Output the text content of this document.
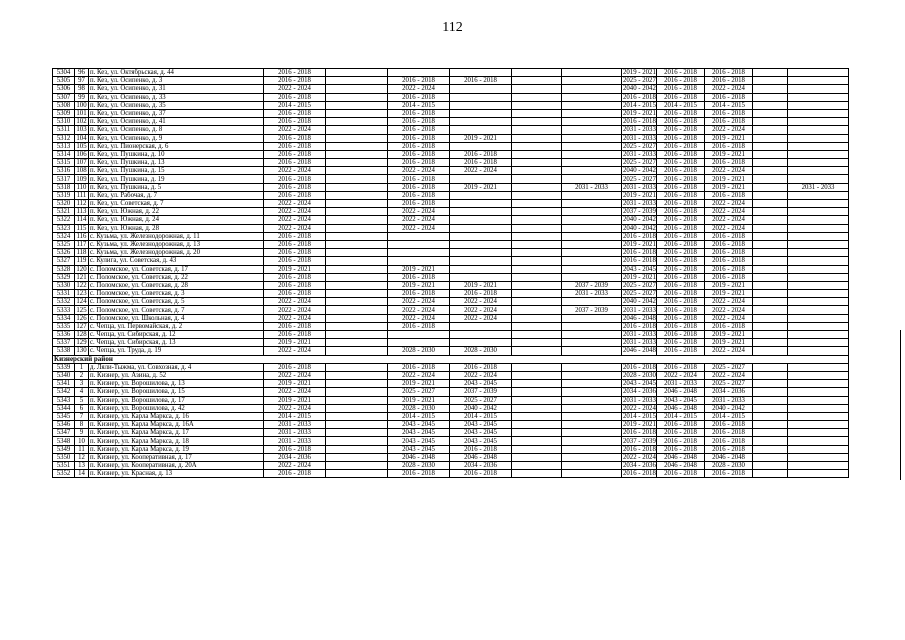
112
5304	96	п. Кез, ул. Октябрьская, д. 44	2016 - 2018						2019 - 2021	2016 - 2018	2016 - 2018		
5305	97	п. Кез, ул. Осипенко, д. 3	2016 - 2018		2016 - 2018	2016 - 2018			2025 - 2027	2016 - 2018	2016 - 2018		
5306	98	п. Кез, ул. Осипенко, д. 31	2022 - 2024		2022 - 2024				2040 - 2042	2016 - 2018	2022 - 2024		
5307	99	п. Кез, ул. Осипенко, д. 33	2016 - 2018		2016 - 2018				2016 - 2018	2016 - 2018	2016 - 2018		
5308	100	п. Кез, ул. Осипенко, д. 35	2014 - 2015		2014 - 2015				2014 - 2015	2014 - 2015	2014 - 2015		
5309	101	п. Кез, ул. Осипенко, д. 37	2016 - 2018		2016 - 2018				2019 - 2021	2016 - 2018	2016 - 2018		
5310	102	п. Кез, ул. Осипенко, д. 41	2016 - 2018		2016 - 2018				2016 - 2018	2016 - 2018	2016 - 2018		
5311	103	п. Кез, ул. Осипенко, д. 8	2022 - 2024		2016 - 2018				2031 - 2033	2016 - 2018	2022 - 2024		
5312	104	п. Кез, ул. Осипенко, д. 9	2016 - 2018		2016 - 2018	2019 - 2021			2031 - 2033	2016 - 2018	2019 - 2021		
5313	105	п. Кез, ул. Пионерская, д. 6	2016 - 2018		2016 - 2018				2025 - 2027	2016 - 2018	2016 - 2018		
5314	106	п. Кез, ул. Пушкина, д. 10	2016 - 2018		2016 - 2018	2016 - 2018			2031 - 2033	2016 - 2018	2019 - 2021		
5315	107	п. Кез, ул. Пушкина, д. 13	2016 - 2018		2016 - 2018	2016 - 2018			2025 - 2027	2016 - 2018	2016 - 2018		
5316	108	п. Кез, ул. Пушкина, д. 15	2022 - 2024		2022 - 2024	2022 - 2024			2040 - 2042	2016 - 2018	2022 - 2024		
5317	109	п. Кез, ул. Пушкина, д. 19	2016 - 2018		2016 - 2018				2025 - 2027	2016 - 2018	2019 - 2021		
5318	110	п. Кез, ул. Пушкина, д. 5	2016 - 2018		2016 - 2018	2019 - 2021		2031 - 2033	2031 - 2033	2016 - 2018	2019 - 2021		2031 - 2033
5319	111	п. Кез, ул. Рабочая, д. 7	2016 - 2018		2016 - 2018				2019 - 2021	2016 - 2018	2016 - 2018		
5320	112	п. Кез, ул. Советская, д. 7	2022 - 2024		2016 - 2018				2031 - 2033	2016 - 2018	2022 - 2024		
5321	113	п. Кез, ул. Южная, д. 22	2022 - 2024		2022 - 2024				2037 - 2039	2016 - 2018	2022 - 2024		
5322	114	п. Кез, ул. Южная, д. 24	2022 - 2024		2022 - 2024				2040 - 2042	2016 - 2018	2022 - 2024		
5323	115	п. Кез, ул. Южная, д. 28	2022 - 2024		2022 - 2024				2040 - 2042	2016 - 2018	2022 - 2024		
5324	116	с. Кузьма, ул. Железнодорожная, д. 11	2016 - 2018						2016 - 2018	2016 - 2018	2016 - 2018		
5325	117	с. Кузьма, ул. Железнодорожная, д. 13	2016 - 2018						2019 - 2021	2016 - 2018	2016 - 2018		
5326	118	с. Кузьма, ул. Железнодорожная, д. 20	2016 - 2018						2016 - 2018	2016 - 2018	2016 - 2018		
5327	119	с. Кулига, ул. Советская, д. 43	2016 - 2018						2016 - 2018	2016 - 2018	2016 - 2018		
5328	120	с. Поломское, ул. Советская, д. 17	2019 - 2021		2019 - 2021				2043 - 2045	2016 - 2018	2016 - 2018		
5329	121	с. Поломское, ул. Советская, д. 22	2016 - 2018		2016 - 2018				2019 - 2021	2016 - 2018	2016 - 2018		
5330	122	с. Поломское, ул. Советская, д. 28	2016 - 2018		2019 - 2021	2019 - 2021		2037 - 2039	2025 - 2027	2016 - 2018	2019 - 2021		
5331	123	с. Поломское, ул. Советская, д. 3	2016 - 2018		2016 - 2018	2016 - 2018		2031 - 2033	2025 - 2027	2016 - 2018	2019 - 2021		
5332	124	с. Поломское, ул. Советская, д. 5	2022 - 2024		2022 - 2024	2022 - 2024			2040 - 2042	2016 - 2018	2022 - 2024		
5333	125	с. Поломское, ул. Советская, д. 7	2022 - 2024		2022 - 2024	2022 - 2024		2037 - 2039	2031 - 2033	2016 - 2018	2022 - 2024		
5334	126	с. Поломское, ул. Школьная, д. 4	2022 - 2024		2022 - 2024	2022 - 2024			2046 - 2048	2016 - 2018	2022 - 2024		
5335	127	с. Чепца, ул. Первомайская, д. 2	2016 - 2018		2016 - 2018				2016 - 2018	2016 - 2018	2016 - 2018		
5336	128	с. Чепца, ул. Сибирская, д. 12	2016 - 2018						2031 - 2033	2016 - 2018	2019 - 2021		
5337	129	с. Чепца, ул. Сибирская, д. 13	2019 - 2021						2031 - 2033	2016 - 2018	2019 - 2021		
5338	130	с. Чепца, ул. Труда, д. 19	2022 - 2024		2028 - 2030	2028 - 2030			2046 - 2048	2016 - 2018	2022 - 2024		
Кизнерский район													
5339	1	д. Ляли-Тыжма, ул. Совхозная, д. 4	2016 - 2018		2016 - 2018	2016 - 2018			2016 - 2018	2016 - 2018	2025 - 2027		
5340	2	п. Кизнер, ул. Азина, д. 52	2022 - 2024		2022 - 2024	2022 - 2024			2028 - 2030	2022 - 2024	2022 - 2024		
5341	3	п. Кизнер, ул. Ворошилова, д. 13	2019 - 2021		2019 - 2021	2043 - 2045			2043 - 2045	2031 - 2033	2025 - 2027		
5342	4	п. Кизнер, ул. Ворошилова, д. 15	2022 - 2024		2025 - 2027	2037 - 2039			2034 - 2036	2046 - 2048	2034 - 2036		
5343	5	п. Кизнер, ул. Ворошилова, д. 17	2019 - 2021		2019 - 2021	2025 - 2027			2031 - 2033	2043 - 2045	2031 - 2033		
5344	6	п. Кизнер, ул. Ворошилова, д. 42	2022 - 2024		2028 - 2030	2040 - 2042			2022 - 2024	2046 - 2048	2040 - 2042		
5345	7	п. Кизнер, ул. Карла Маркса, д. 16	2014 - 2015		2014 - 2015	2014 - 2015			2014 - 2015	2014 - 2015	2014 - 2015		
5346	8	п. Кизнер, ул. Карла Маркса, д. 16А	2031 - 2033		2043 - 2045	2043 - 2045			2019 - 2021	2016 - 2018	2016 - 2018		
5347	9	п. Кизнер, ул. Карла Маркса, д. 17	2031 - 2033		2043 - 2045	2043 - 2045			2016 - 2018	2016 - 2018	2016 - 2018		
5348	10	п. Кизнер, ул. Карла Маркса, д. 18	2031 - 2033		2043 - 2045	2043 - 2045			2037 - 2039	2016 - 2018	2016 - 2018		
5349	11	п. Кизнер, ул. Карла Маркса, д. 19	2016 - 2018		2043 - 2045	2016 - 2018			2016 - 2018	2016 - 2018	2016 - 2018		
5350	12	п. Кизнер, ул. Кооперативная, д. 17	2034 - 2036		2046 - 2048	2046 - 2048			2022 - 2024	2046 - 2048	2046 - 2048		
5351	13	п. Кизнер, ул. Кооперативная, д. 20А	2022 - 2024		2028 - 2030	2034 - 2036			2034 - 2036	2046 - 2048	2028 - 2030		
5352	14	п. Кизнер, ул. Красная, д. 13	2016 - 2018		2016 - 2018	2016 - 2018			2016 - 2018	2016 - 2018	2016 - 2018		
